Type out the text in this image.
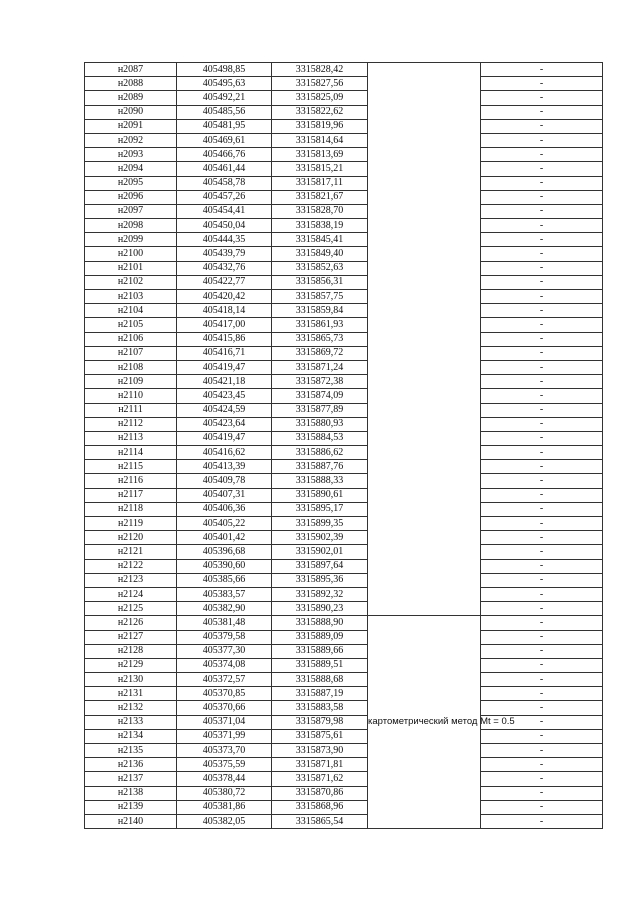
н2087	405498,85	3315828,42		-
н2088	405495,63	3315827,56		-
н2089	405492,21	3315825,09		-
н2090	405485,56	3315822,62		-
н2091	405481,95	3315819,96		-
н2092	405469,61	3315814,64		-
н2093	405466,76	3315813,69		-
н2094	405461,44	3315815,21		-
н2095	405458,78	3315817,11		-
н2096	405457,26	3315821,67		-
н2097	405454,41	3315828,70		-
н2098	405450,04	3315838,19		-
н2099	405444,35	3315845,41		-
н2100	405439,79	3315849,40		-
н2101	405432,76	3315852,63		-
н2102	405422,77	3315856,31		-
н2103	405420,42	3315857,75		-
н2104	405418,14	3315859,84		-
н2105	405417,00	3315861,93		-
н2106	405415,86	3315865,73		-
н2107	405416,71	3315869,72		-
н2108	405419,47	3315871,24		-
н2109	405421,18	3315872,38		-
н2110	405423,45	3315874,09		-
н2111	405424,59	3315877,89		-
н2112	405423,64	3315880,93		-
н2113	405419,47	3315884,53		-
н2114	405416,62	3315886,62		-
н2115	405413,39	3315887,76		-
н2116	405409,78	3315888,33		-
н2117	405407,31	3315890,61		-
н2118	405406,36	3315895,17		-
н2119	405405,22	3315899,35		-
н2120	405401,42	3315902,39		-
н2121	405396,68	3315902,01		-
н2122	405390,60	3315897,64		-
н2123	405385,66	3315895,36		-
н2124	405383,57	3315892,32		-
н2125	405382,90	3315890,23		-
н2126	405381,48	3315888,90	картометрический метод Mt = 0.5	-
н2127	405379,58	3315889,09		-
н2128	405377,30	3315889,66		-
н2129	405374,08	3315889,51		-
н2130	405372,57	3315888,68		-
н2131	405370,85	3315887,19		-
н2132	405370,66	3315883,58		-
н2133	405371,04	3315879,98		-
н2134	405371,99	3315875,61		-
н2135	405373,70	3315873,90		-
н2136	405375,59	3315871,81		-
н2137	405378,44	3315871,62		-
н2138	405380,72	3315870,86		-
н2139	405381,86	3315868,96		-
н2140	405382,05	3315865,54		-
